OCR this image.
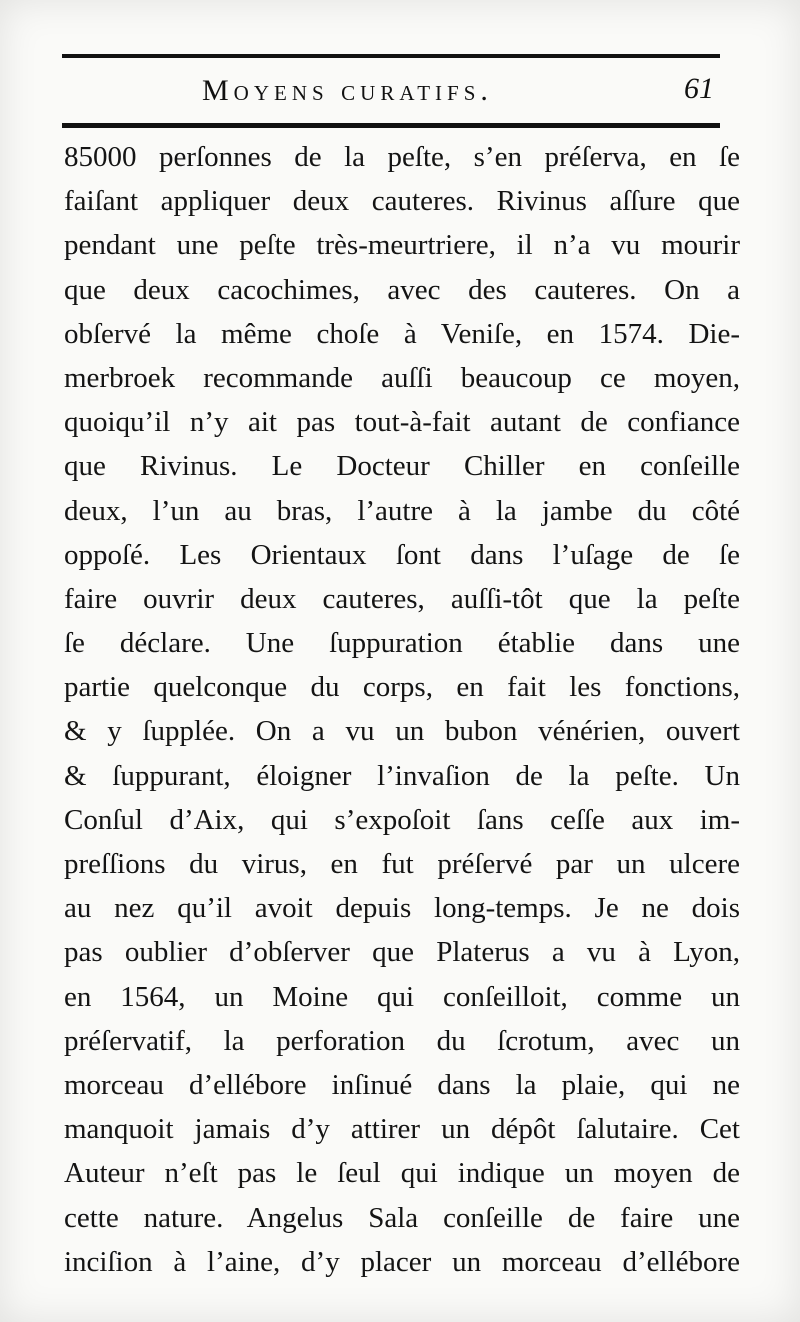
Moyens curatifs.	61
85000 perſonnes de la peſte, s’en préſerva, en ſe
faiſant appliquer deux cauteres. Rivinus aſſure que
pendant une peſte très-meurtriere, il n’a vu mourir
que deux cacochimes, avec des cauteres. On a
obſervé la même choſe à Veniſe, en 1574. Die-
merbroek recommande auſſi beaucoup ce moyen,
quoiqu’il n’y ait pas tout-à-fait autant de confiance
que Rivinus. Le Docteur Chiller en conſeille
deux, l’un au bras, l’autre à la jambe du côté
oppoſé. Les Orientaux ſont dans l’uſage de ſe
faire ouvrir deux cauteres, auſſi-tôt que la peſte
ſe déclare. Une ſuppuration établie dans une
partie quelconque du corps, en fait les fonctions,
& y ſupplée. On a vu un bubon vénérien, ouvert
& ſuppurant, éloigner l’invaſion de la peſte. Un
Conſul d’Aix, qui s’expoſoit ſans ceſſe aux im-
preſſions du virus, en fut préſervé par un ulcere
au nez qu’il avoit depuis long-temps. Je ne dois
pas oublier d’obſerver que Platerus a vu à Lyon,
en 1564, un Moine qui conſeilloit, comme un
préſervatif, la perforation du ſcrotum, avec un
morceau d’ellébore inſinué dans la plaie, qui ne
manquoit jamais d’y attirer un dépôt ſalutaire. Cet
Auteur n’eſt pas le ſeul qui indique un moyen de
cette nature. Angelus Sala conſeille de faire une
inciſion à l’aine, d’y placer un morceau d’ellébore
